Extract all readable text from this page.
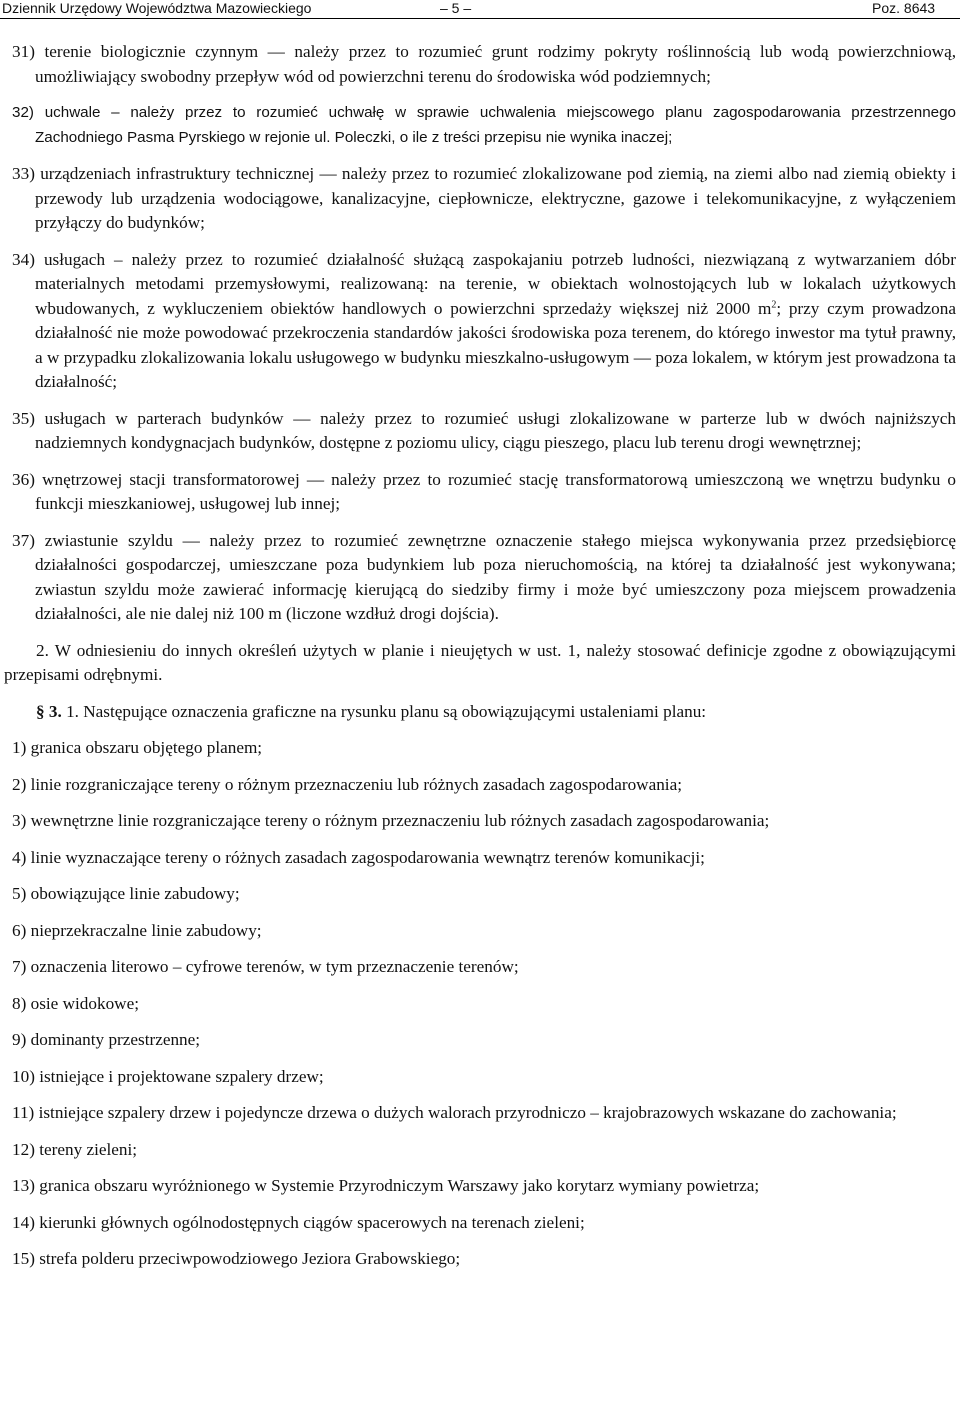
Dziennik Urzędowy Województwa Mazowieckiego	– 5 –	Poz. 8643

31) terenie biologicznie czynnym — należy przez to rozumieć grunt rodzimy pokryty roślinnością lub wodą powierzchniową, umożliwiający swobodny przepływ wód od powierzchni terenu do środowiska wód podziemnych;

32) uchwale – należy przez to rozumieć uchwałę w sprawie uchwalenia miejscowego planu zagospodarowania przestrzennego Zachodniego Pasma Pyrskiego w rejonie ul. Poleczki, o ile z treści przepisu nie wynika inaczej;

33) urządzeniach infrastruktury technicznej — należy przez to rozumieć zlokalizowane pod ziemią, na ziemi albo nad ziemią obiekty i przewody lub urządzenia wodociągowe, kanalizacyjne, ciepłownicze, elektryczne, gazowe i telekomunikacyjne, z wyłączeniem przyłączy do budynków;

34) usługach – należy przez to rozumieć działalność służącą zaspokajaniu potrzeb ludności, niezwiązaną z wytwarzaniem dóbr materialnych metodami przemysłowymi, realizowaną: na terenie, w obiektach wolnostojących lub w lokalach użytkowych wbudowanych, z wykluczeniem obiektów handlowych o powierzchni sprzedaży większej niż 2000 $m^2$; przy czym prowadzona działalność nie może powodować przekroczenia standardów jakości środowiska poza terenem, do którego inwestor ma tytuł prawny, a w przypadku zlokalizowania lokalu usługowego w budynku mieszkalno-usługowym — poza lokalem, w którym jest prowadzona ta działalność;

35) usługach w parterach budynków — należy przez to rozumieć usługi zlokalizowane w parterze lub w dwóch najniższych nadziemnych kondygnacjach budynków, dostępne z poziomu ulicy, ciągu pieszego, placu lub terenu drogi wewnętrznej;

36) wnętrzowej stacji transformatorowej — należy przez to rozumieć stację transformatorową umieszczoną we wnętrzu budynku o funkcji mieszkaniowej, usługowej lub innej;

37) zwiastunie szyldu — należy przez to rozumieć zewnętrzne oznaczenie stałego miejsca wykonywania przez przedsiębiorcę działalności gospodarczej, umieszczane poza budynkiem lub poza nieruchomością, na której ta działalność jest wykonywana; zwiastun szyldu może zawierać informację kierującą do siedziby firmy i może być umieszczony poza miejscem prowadzenia działalności, ale nie dalej niż 100 m (liczone wzdłuż drogi dojścia).

2. W odniesieniu do innych określeń użytych w planie i nieujętych w ust. 1, należy stosować definicje zgodne z obowiązującymi przepisami odrębnymi.

§ 3. 1. Następujące oznaczenia graficzne na rysunku planu są obowiązującymi ustaleniami planu:

1) granica obszaru objętego planem;
2) linie rozgraniczające tereny o różnym przeznaczeniu lub różnych zasadach zagospodarowania;
3) wewnętrzne linie rozgraniczające tereny o różnym przeznaczeniu lub różnych zasadach zagospodarowania;
4) linie wyznaczające tereny o różnych zasadach zagospodarowania wewnątrz terenów komunikacji;
5) obowiązujące linie zabudowy;
6) nieprzekraczalne linie zabudowy;
7) oznaczenia literowo – cyfrowe terenów, w tym przeznaczenie terenów;
8) osie widokowe;
9) dominanty przestrzenne;
10) istniejące i projektowane szpalery drzew;
11) istniejące szpalery drzew i pojedyncze drzewa o dużych walorach przyrodniczo – krajobrazowych wskazane do zachowania;
12) tereny zieleni;
13) granica obszaru wyróżnionego w Systemie Przyrodniczym Warszawy jako korytarz wymiany powietrza;
14) kierunki głównych ogólnodostępnych ciągów spacerowych na terenach zieleni;
15) strefa polderu przeciwpowodziowego Jeziora Grabowskiego;
